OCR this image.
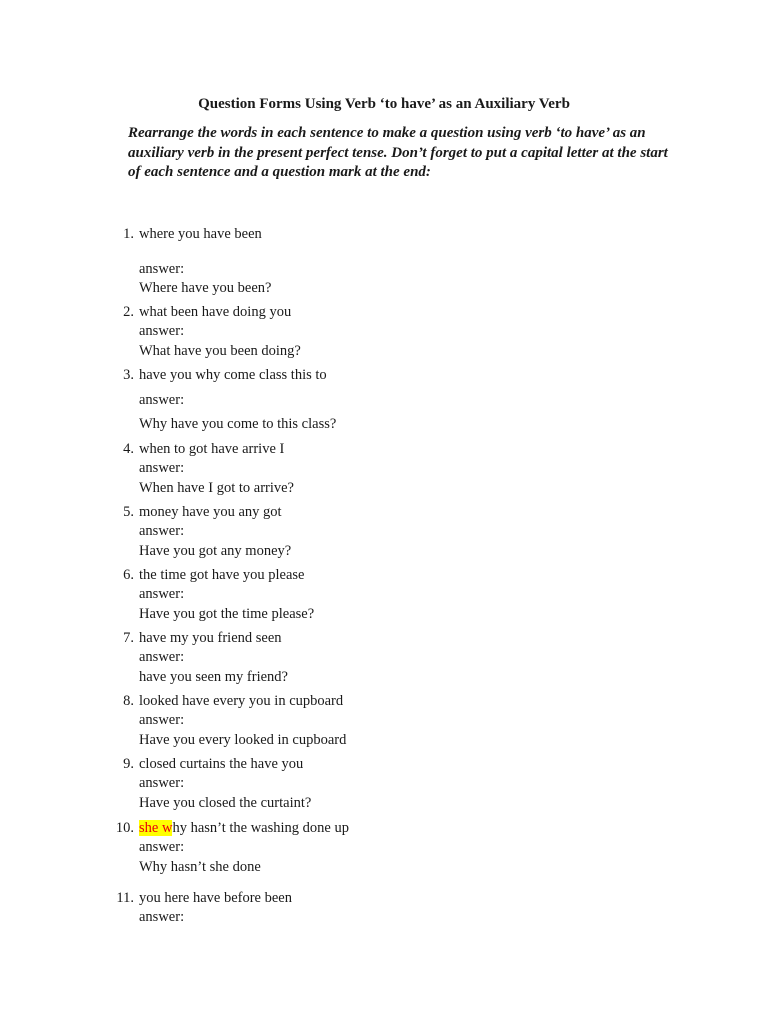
Question Forms Using Verb ‘to have’ as an Auxiliary Verb
Rearrange the words in each sentence to make a question using verb ‘to have’ as an auxiliary verb in the present perfect tense. Don’t forget to put a capital letter at the start of each sentence and a question mark at the end:
1. where you have been
answer:
Where have you been?
2. what been have doing you
answer:
What have you been doing?
3. have you why come class this to
answer:
Why have you come to this class?
4. when to got have arrive I
answer:
When have I got to arrive?
5. money have you any got
answer:
Have you got any money?
6. the time got have you please
answer:
Have you got the time please?
7. have my you friend seen
answer:
have you seen my friend?
8. looked have every you in cupboard
answer:
Have you every looked in cupboard
9. closed curtains the have you
answer:
Have you closed the curtaint?
10. she why hasn’t the washing done up
answer:
Why hasn’t she done
11. you here have before been
answer:
